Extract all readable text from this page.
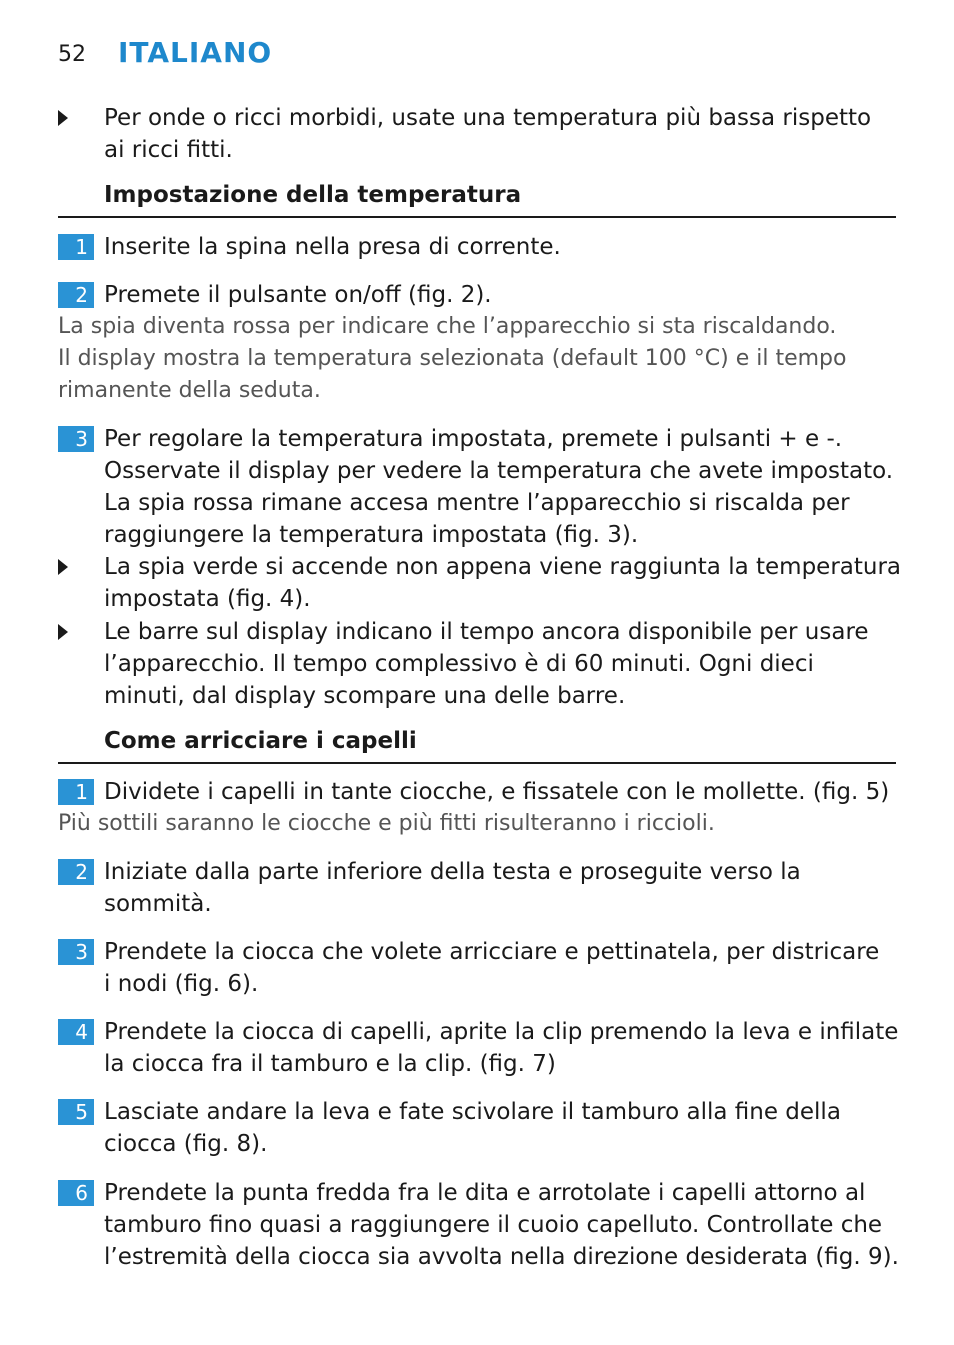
52 ITALIANO
Per onde o ricci morbidi, usate una temperatura più bassa rispetto
ai ricci fitti.
Impostazione della temperatura
1 Inserite la spina nella presa di corrente.
2 Premete il pulsante on/off (fig. 2).
La spia diventa rossa per indicare che l’apparecchio si sta riscaldando.
Il display mostra la temperatura selezionata (default 100 °C) e il tempo
rimanente della seduta.
3 Per regolare la temperatura impostata, premete i pulsanti + e -.
Osservate il display per vedere la temperatura che avete impostato.
La spia rossa rimane accesa mentre l’apparecchio si riscalda per
raggiungere la temperatura impostata (fig. 3).
La spia verde si accende non appena viene raggiunta la temperatura
impostata (fig. 4).
Le barre sul display indicano il tempo ancora disponibile per usare
l’apparecchio. Il tempo complessivo è di 60 minuti. Ogni dieci
minuti, dal display scompare una delle barre.
Come arricciare i capelli
1 Dividete i capelli in tante ciocche, e fissatele con le mollette. (fig. 5)
Più sottili saranno le ciocche e più fitti risulteranno i riccioli.
2 Iniziate dalla parte inferiore della testa e proseguite verso la
sommità.
3 Prendete la ciocca che volete arricciare e pettinatela, per districare
i nodi (fig. 6).
4 Prendete la ciocca di capelli, aprite la clip premendo la leva e infilate
la ciocca fra il tamburo e la clip. (fig. 7)
5 Lasciate andare la leva e fate scivolare il tamburo alla fine della
ciocca (fig. 8).
6 Prendete la punta fredda fra le dita e arrotolate i capelli attorno al
tamburo fino quasi a raggiungere il cuoio capelluto. Controllate che
l’estremità della ciocca sia avvolta nella direzione desiderata (fig. 9).
